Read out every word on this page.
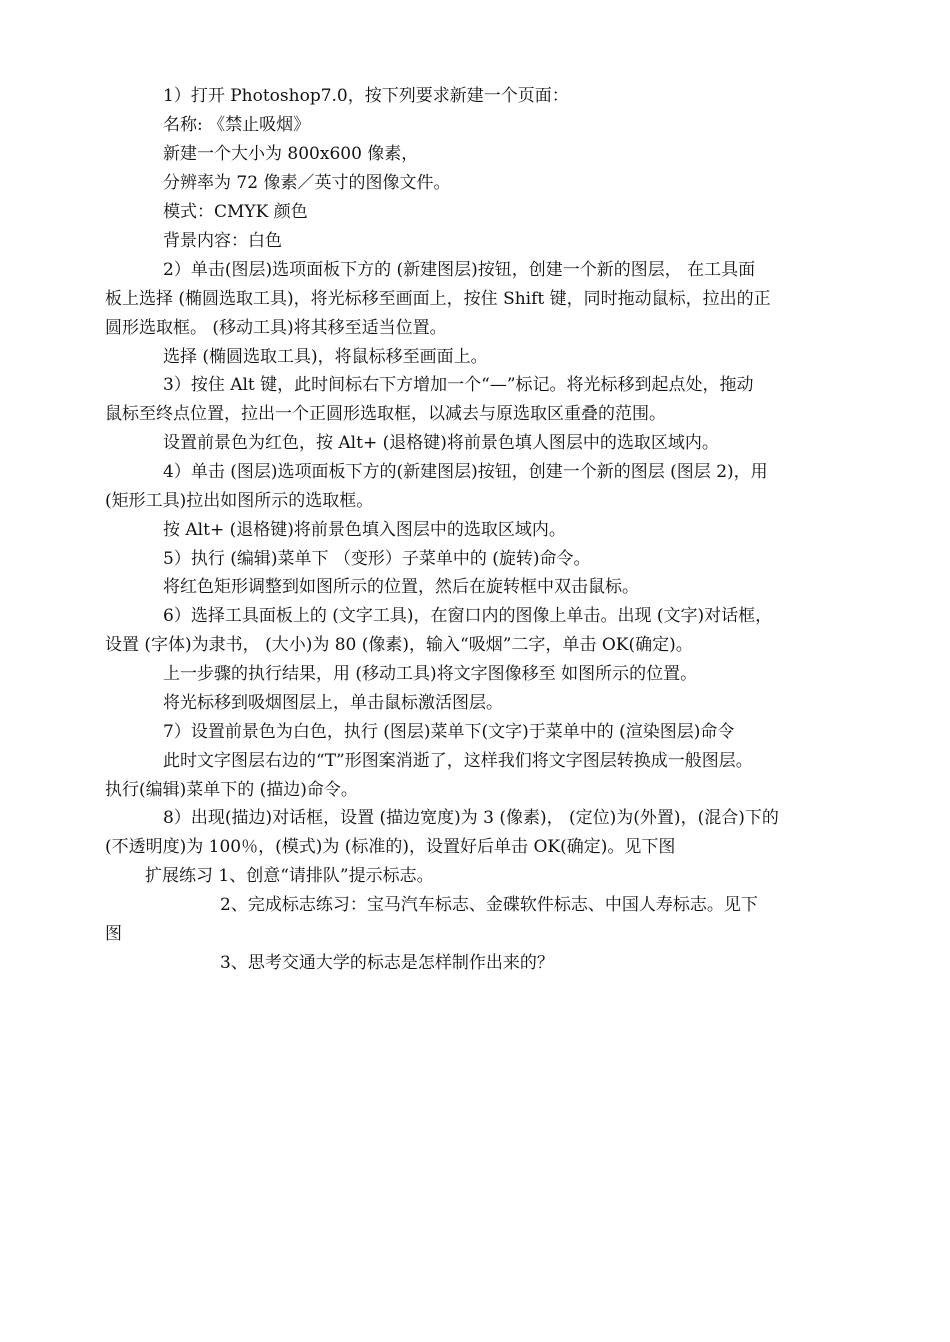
1）打开 Photoshop7.0，按下列要求新建一个页面：
名称: 《禁止吸烟》
新建一个大小为 800x600 像素，
分辨率为 72 像素／英寸的图像文件。
模式：CMYK 颜色
背景内容：白色
2）单击(图层)选项面板下方的 (新建图层)按钮，创建一个新的图层， 在工具面
板上选择 (椭圆选取工具)，将光标移至画面上，按住 Shift 键，同时拖动鼠标，拉出的正
圆形选取框。 (移动工具)将其移至适当位置。
选择 (椭圆选取工具)，将鼠标移至画面上。
3）按住 Alt 键，此时间标右下方增加一个“—”标记。将光标移到起点处，拖动
鼠标至终点位置，拉出一个正圆形选取框，以减去与原选取区重叠的范围。
设置前景色为红色，按 Alt+ (退格键)将前景色填人图层中的选取区域内。
4）单击 (图层)选项面板下方的(新建图层)按钮，创建一个新的图层 (图层 2)，用
(矩形工具)拉出如图所示的选取框。
按 Alt+ (退格键)将前景色填入图层中的选取区域内。
5）执行 (编辑)菜单下 （变形）子菜单中的 (旋转)命令。
将红色矩形调整到如图所示的位置，然后在旋转框中双击鼠标。
6）选择工具面板上的 (文字工具)，在窗口内的图像上单击。出现 (文字)对话框，
设置 (字体)为隶书， (大小)为 80 (像素)，输入“吸烟”二字，单击 OK(确定)。
上一步骤的执行结果，用 (移动工具)将文字图像移至 如图所示的位置。
将光标移到吸烟图层上，单击鼠标激活图层。
7）设置前景色为白色，执行 (图层)菜单下(文字)于菜单中的 (渲染图层)命令
此时文字图层右边的“T”形图案消逝了，这样我们将文字图层转换成一般图层。
执行(编辑)菜单下的 (描边)命令。
8）出现(描边)对话框，设置 (描边宽度)为 3 (像素)， (定位)为(外置)，(混合)下的
(不透明度)为 100％，(模式)为 (标准的)，设置好后单击 OK(确定)。见下图
扩展练习 1、创意“请排队”提示标志。
2、完成标志练习：宝马汽车标志、金碟软件标志、中国人寿标志。见下
图
3、思考交通大学的标志是怎样制作出来的？
